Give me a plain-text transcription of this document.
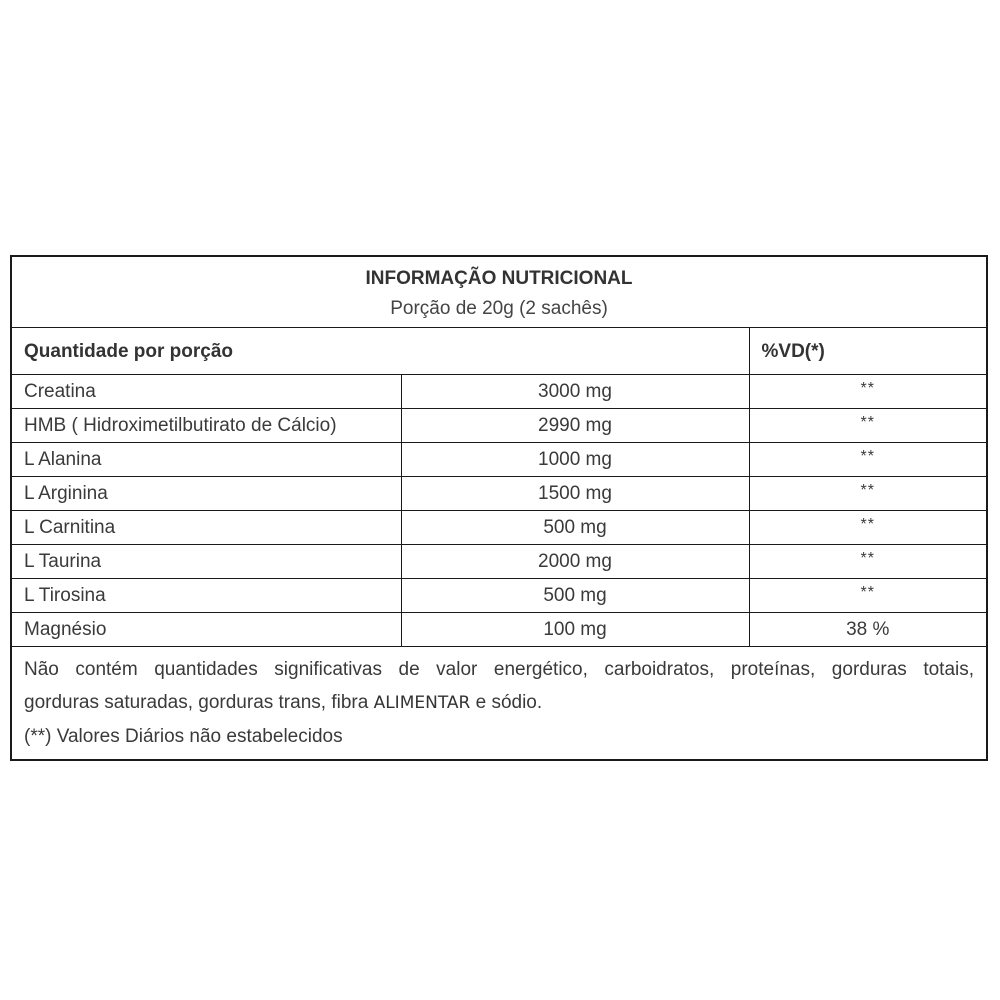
INFORMAÇÃO NUTRICIONAL
Porção de 20g (2 sachês)		

Quantidade por porção		%VD(*)
Creatina	3000 mg	**
HMB ( Hidroximetilbutirato de Cálcio)	2990 mg	**
L Alanina	1000 mg	**
L Arginina	1500 mg	**
L Carnitina	500 mg	**
L Taurina	2000 mg	**
L Tirosina	500 mg	**
Magnésio	100 mg	38 %

Não contém quantidades significativas de valor energético, carboidratos, proteínas, gorduras totais,
gorduras saturadas, gorduras trans, fibra ALIMENTAR e sódio.
(**) Valores Diários não estabelecidos		
